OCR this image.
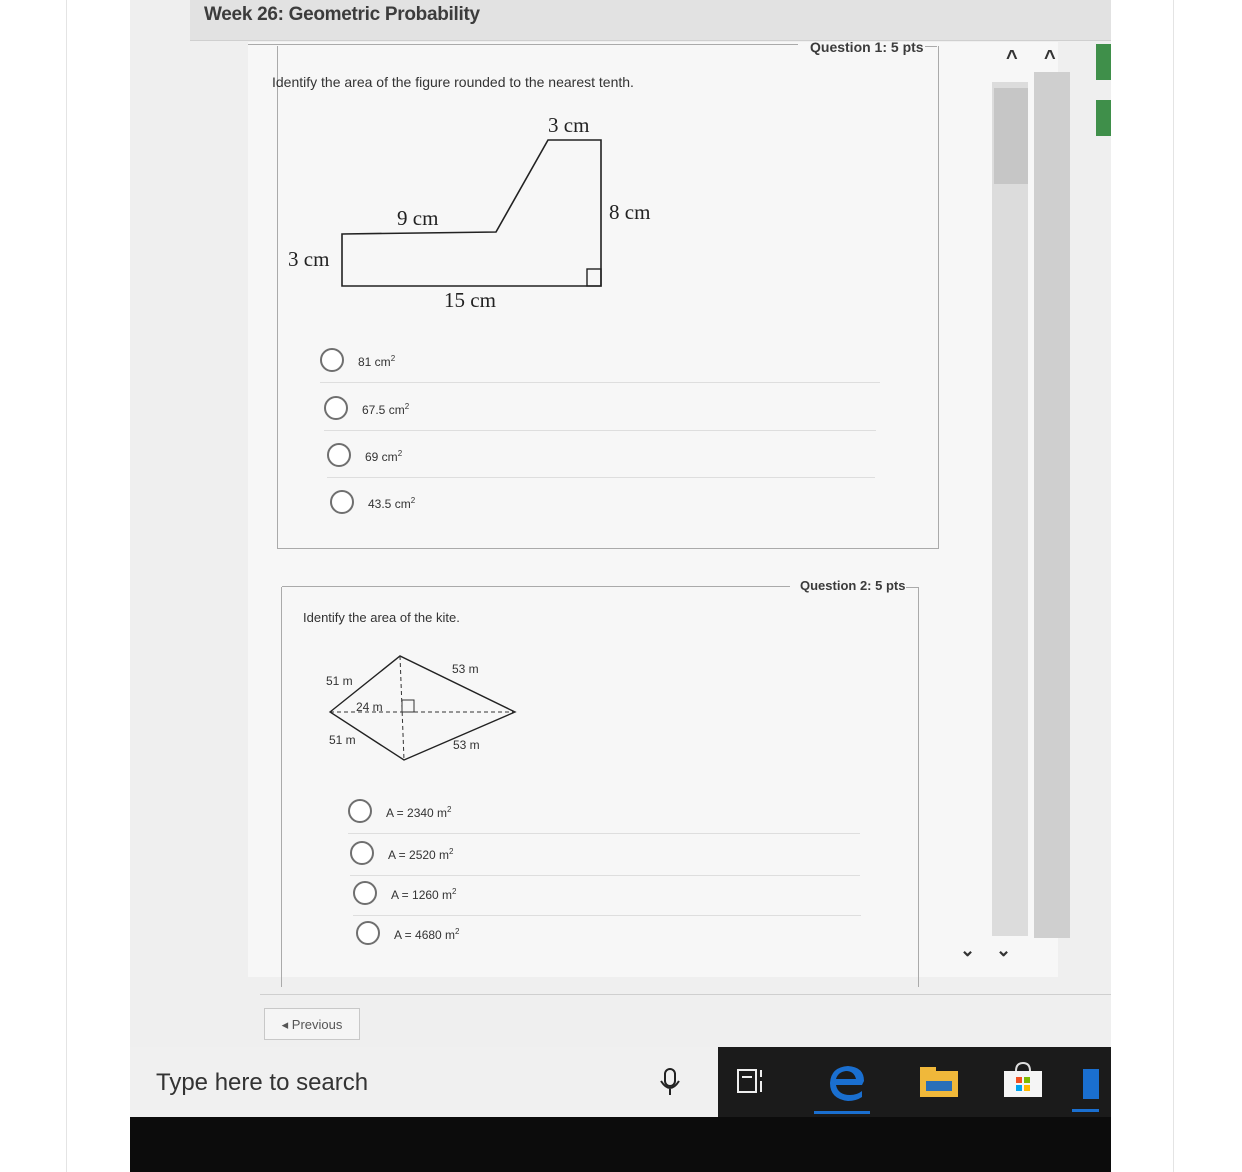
Week 26: Geometric Probability
Question 1: 5 pts
Identify the area of the figure rounded to the nearest tenth.
3 cm
9 cm	8 cm
3 cm
15 cm
81 $cm^2$
67.5 $cm^2$
69 $cm^2$
43.5 $cm^2$
Question 2: 5 pts
Identify the area of the kite.
53 m
51 m
24 m
51 m	53 m
A = 2340 $m^2$
A = 2520 $m^2$
A = 1260 $m^2$
A = 4680 $m^2$
^ ^
⌄ ⌄
◂ Previous
Type here to search
